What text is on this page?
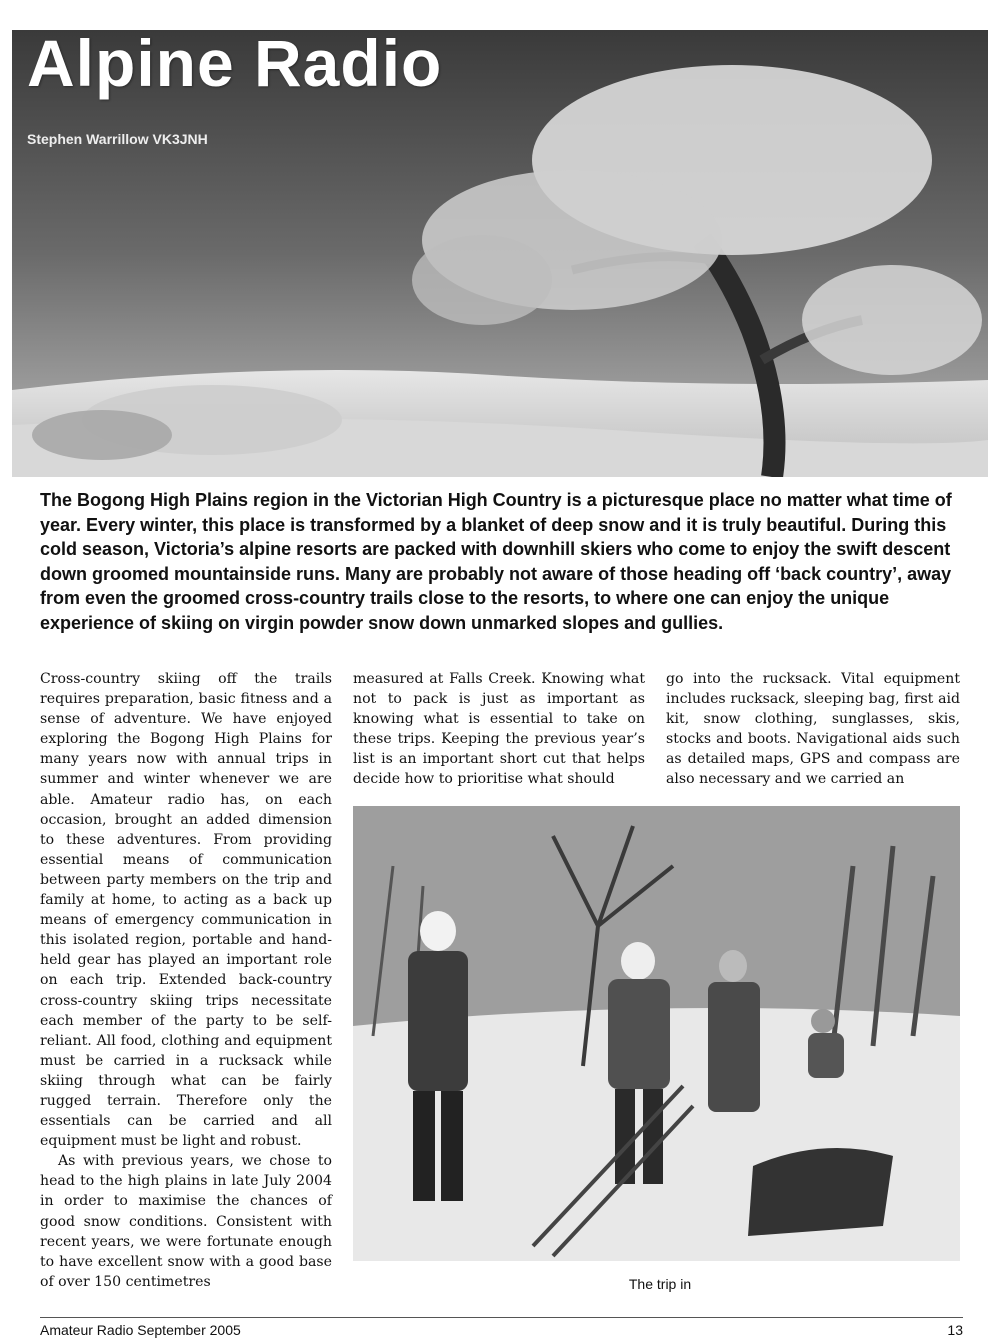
Alpine Radio
Stephen Warrillow VK3JNH

The Bogong High Plains region in the Victorian High Country is a picturesque place no matter what time of year. Every winter, this place is transformed by a blanket of deep snow and it is truly beautiful. During this cold season, Victoria’s alpine resorts are packed with downhill skiers who come to enjoy the swift descent down groomed mountainside runs. Many are probably not aware of those heading off ‘back country’, away from even the groomed cross-country trails close to the resorts, to where one can enjoy the unique experience of skiing on virgin powder snow down unmarked slopes and gullies.

Cross-country skiing off the trails requires preparation, basic fitness and a sense of adventure. We have enjoyed exploring the Bogong High Plains for many years now with annual trips in summer and winter whenever we are able. Amateur radio has, on each occasion, brought an added dimension to these adventures. From providing essential means of communication between party members on the trip and family at home, to acting as a back up means of emergency communication in this isolated region, portable and hand-held gear has played an important role on each trip. Extended back-country cross-country skiing trips necessitate each member of the party to be self-reliant. All food, clothing and equipment must be carried in a rucksack while skiing through what can be fairly rugged terrain. Therefore only the essentials can be carried and all equipment must be light and robust.

As with previous years, we chose to head to the high plains in late July 2004 in order to maximise the chances of good snow conditions. Consistent with recent years, we were fortunate enough to have excellent snow with a good base of over 150 centimetres

measured at Falls Creek. Knowing what not to pack is just as important as knowing what is essential to take on these trips. Keeping the previous year’s list is an important short cut that helps decide how to prioritise what should

go into the rucksack. Vital equipment includes rucksack, sleeping bag, first aid kit, snow clothing, sunglasses, skis, stocks and boots. Navigational aids such as detailed maps, GPS and compass are also necessary and we carried an

The trip in
Amateur Radio September 2005	13
